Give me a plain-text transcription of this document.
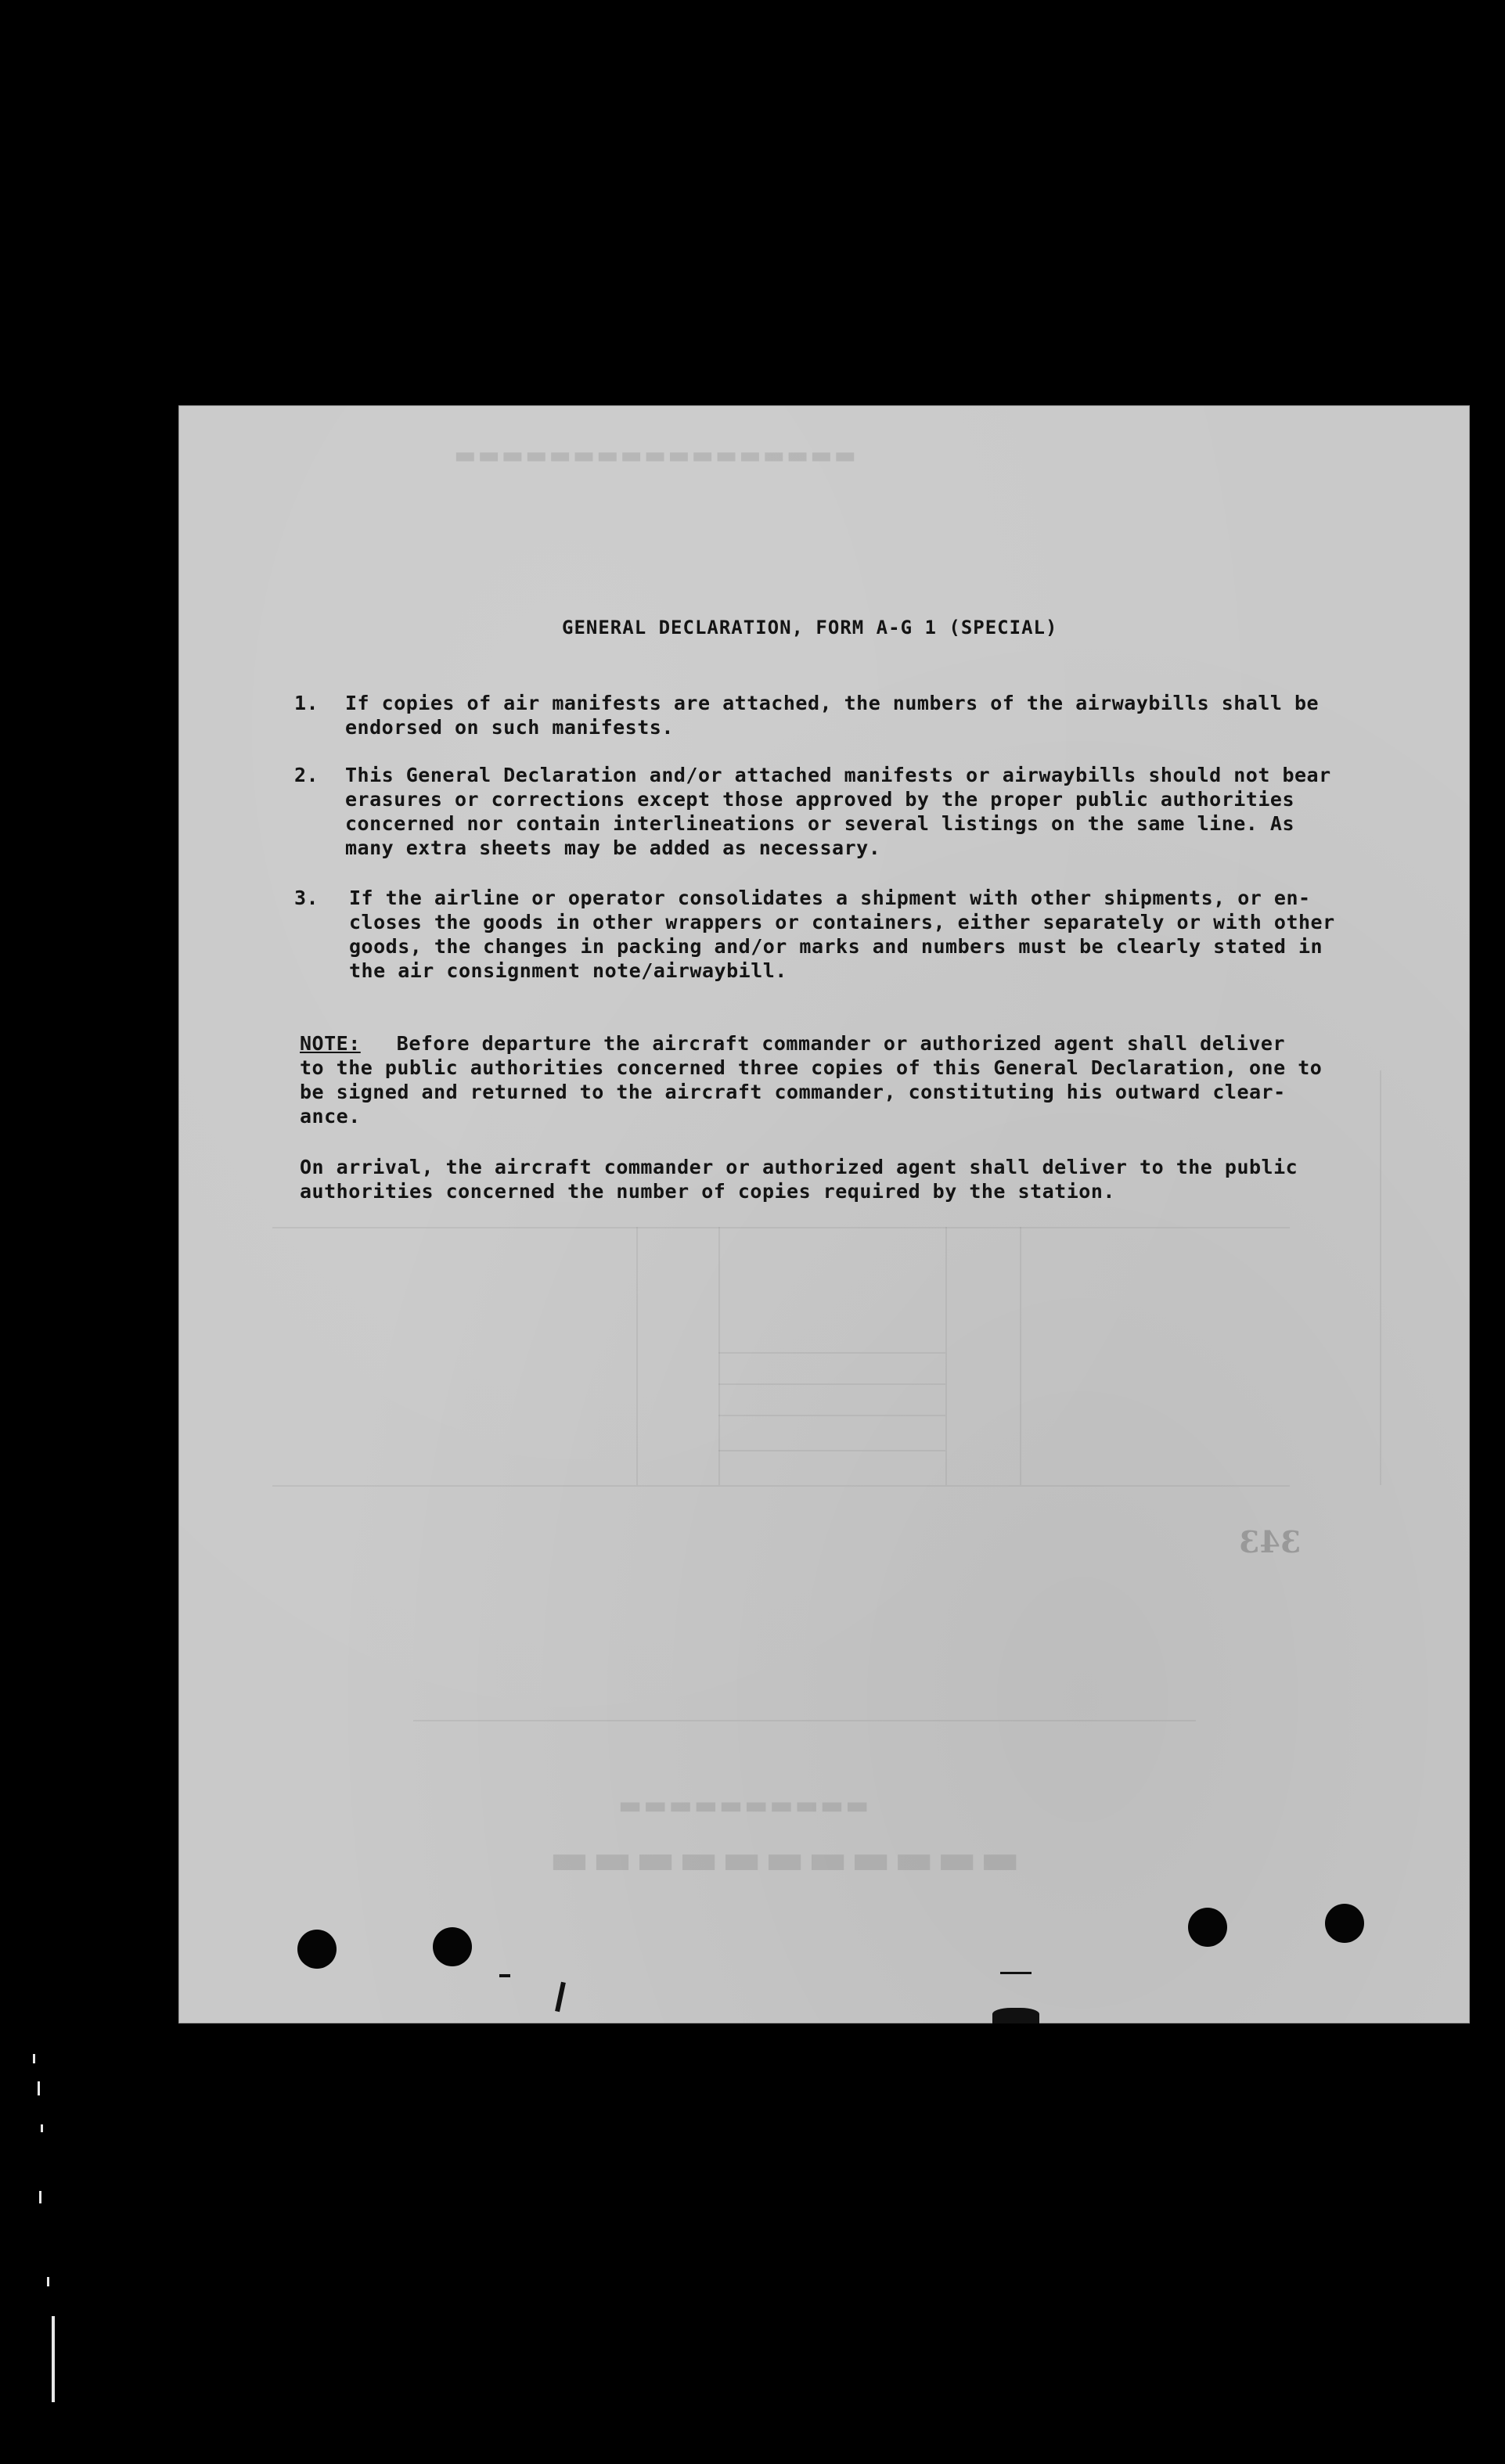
▬▬▬▬▬▬▬▬▬▬▬
▬▬▬▬▬▬▬▬▬▬
▬▬▬▬▬▬▬▬▬▬▬▬▬▬▬▬▬
GENERAL DECLARATION, FORM A-G 1 (SPECIAL)
1.	If copies of air manifests are attached, the numbers of the airwaybills shall be
endorsed on such manifests.
2.	This General Declaration and/or attached manifests or airwaybills should not bear
erasures or corrections except those approved by the proper public authorities
concerned nor contain interlineations or several listings on the same line. As
many extra sheets may be added as necessary.
3.	If the airline or operator consolidates a shipment with other shipments, or en-
closes the goods in other wrappers or containers, either separately or with other
goods, the changes in packing and/or marks and numbers must be clearly stated in
the air consignment note/airwaybill.
NOTE: Before departure the aircraft commander or authorized agent shall deliver
to the public authorities concerned three copies of this General Declaration, one to
be signed and returned to the aircraft commander, constituting his outward clear-
ance.
On arrival, the aircraft commander or authorized agent shall deliver to the public
authorities concerned the number of copies required by the station.
343
